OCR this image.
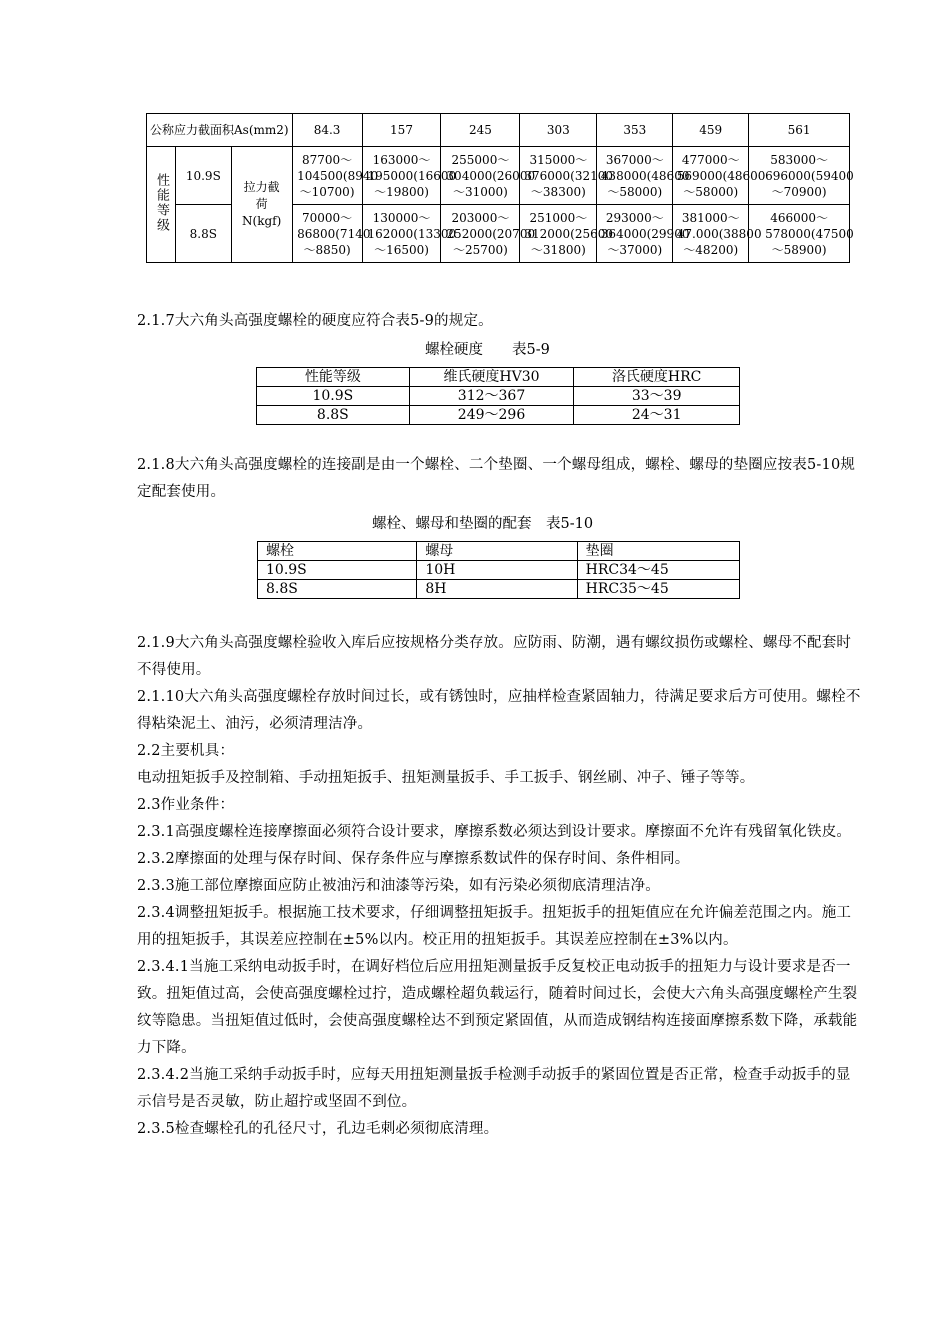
公称应力截面积As(mm2)			84.3	157	245	303	353	459	561
性能等级	10.9S	拉力截荷N(kgf)	87700～104500(8940～10700)	163000～195000(16600～19800)	255000～304000(26000～31000)	315000～376000(32100～38300)	367000～438000(48600～58000)	477000～569000(48600～58000)	583000～696000(59400～70900)

	8.8S		70000～86800(7140～8850)	130000～162000(13300～16500)	203000～252000(20700～25700)	251000～312000(25600～31800)	293000～364000(29900～37000)	381000～47.000(38800～48200)	466000～578000(47500～58900)
2.1.7大六角头高强度螺栓的硬度应符合表5-9的规定。
螺栓硬度　　表5-9
性能等级	维氏硬度HV30	洛氏硬度HRC
10.9S	312～367	33～39
8.8S	249～296	24～31
2.1.8大六角头高强度螺栓的连接副是由一个螺栓、二个垫圈、一个螺母组成，螺栓、螺母的垫圈应按表5-10规定配套使用。
螺栓、螺母和垫圈的配套　表5-10
螺栓	螺母	垫圈
10.9S	10H	HRC34～45
8.8S	8H	HRC35～45
2.1.9大六角头高强度螺栓验收入库后应按规格分类存放。应防雨、防潮，遇有螺纹损伤或螺栓、螺母不配套时不得使用。
2.1.10大六角头高强度螺栓存放时间过长，或有锈蚀时，应抽样检查紧固轴力，待满足要求后方可使用。螺栓不得粘染泥土、油污，必须清理洁净。
2.2主要机具：
电动扭矩扳手及控制箱、手动扭矩扳手、扭矩测量扳手、手工扳手、钢丝刷、冲子、锤子等等。
2.3作业条件：
2.3.1高强度螺栓连接摩擦面必须符合设计要求，摩擦系数必须达到设计要求。摩擦面不允许有残留氧化铁皮。
2.3.2摩擦面的处理与保存时间、保存条件应与摩擦系数试件的保存时间、条件相同。
2.3.3施工部位摩擦面应防止被油污和油漆等污染，如有污染必须彻底清理洁净。
2.3.4调整扭矩扳手。根据施工技术要求，仔细调整扭矩扳手。扭矩扳手的扭矩值应在允许偏差范围之内。施工用的扭矩扳手，其误差应控制在±5%以内。校正用的扭矩扳手。其误差应控制在±3%以内。
2.3.4.1当施工采纳电动扳手时，在调好档位后应用扭矩测量扳手反复校正电动扳手的扭矩力与设计要求是否一致。扭矩值过高，会使高强度螺栓过拧，造成螺栓超负载运行，随着时间过长，会使大六角头高强度螺栓产生裂纹等隐患。当扭矩值过低时，会使高强度螺栓达不到预定紧固值，从而造成钢结构连接面摩擦系数下降，承载能力下降。
2.3.4.2当施工采纳手动扳手时，应每天用扭矩测量扳手检测手动扳手的紧固位置是否正常，检查手动扳手的显示信号是否灵敏，防止超拧或坚固不到位。
2.3.5检查螺栓孔的孔径尺寸，孔边毛刺必须彻底清理。
